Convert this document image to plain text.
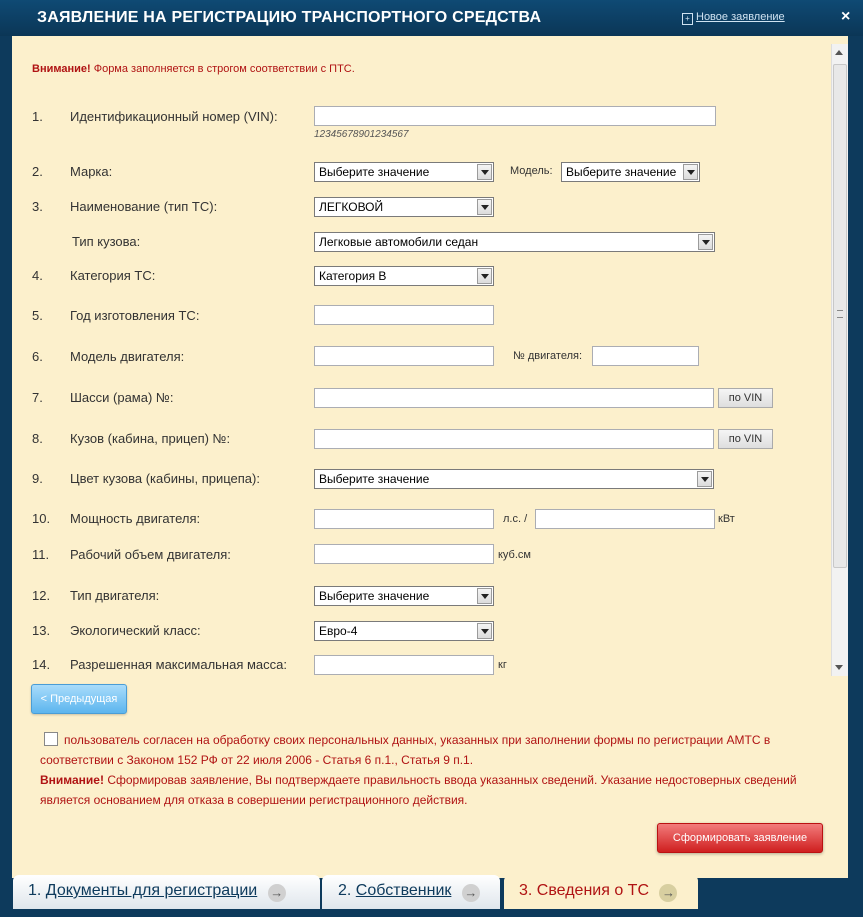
ЗАЯВЛЕНИЕ НА РЕГИСТРАЦИЮ ТРАНСПОРТНОГО СРЕДСТВА	+ Новое заявление	×
Внимание! Форма заполняется в строгом соответствии с ПТС.
1. Идентификационный номер (VIN):
12345678901234567
2. Марка:	Выберите значение	Модель:	Выберите значение
3. Наименование (тип ТС):	ЛЕГКОВОЙ
Тип кузова:	Легковые автомобили седан
4. Категория ТС:	Категория B
5. Год изготовления ТС:
6. Модель двигателя:	№ двигателя:
7. Шасси (рама) №:	по VIN
8. Кузов (кабина, прицеп) №:	по VIN
9. Цвет кузова (кабины, прицепа):	Выберите значение
10. Мощность двигателя:	л.с. /	кВт
11. Рабочий объем двигателя:	куб.см
12. Тип двигателя:	Выберите значение
13. Экологический класс:	Евро-4
14. Разрешенная максимальная масса:	кг
< Предыдущая
пользователь согласен на обработку своих персональных данных, указанных при заполнении формы по регистрации АМТС в соответствии с Законом 152 РФ от 22 июля 2006 - Статья 6 п.1., Статья 9 п.1.
Внимание! Сформировав заявление, Вы подтверждаете правильность ввода указанных сведений. Указание недостоверных сведений является основанием для отказа в совершении регистрационного действия.
Сформировать заявление
1. Документы для регистрации →	2. Собственник →	3. Сведения о ТС →
